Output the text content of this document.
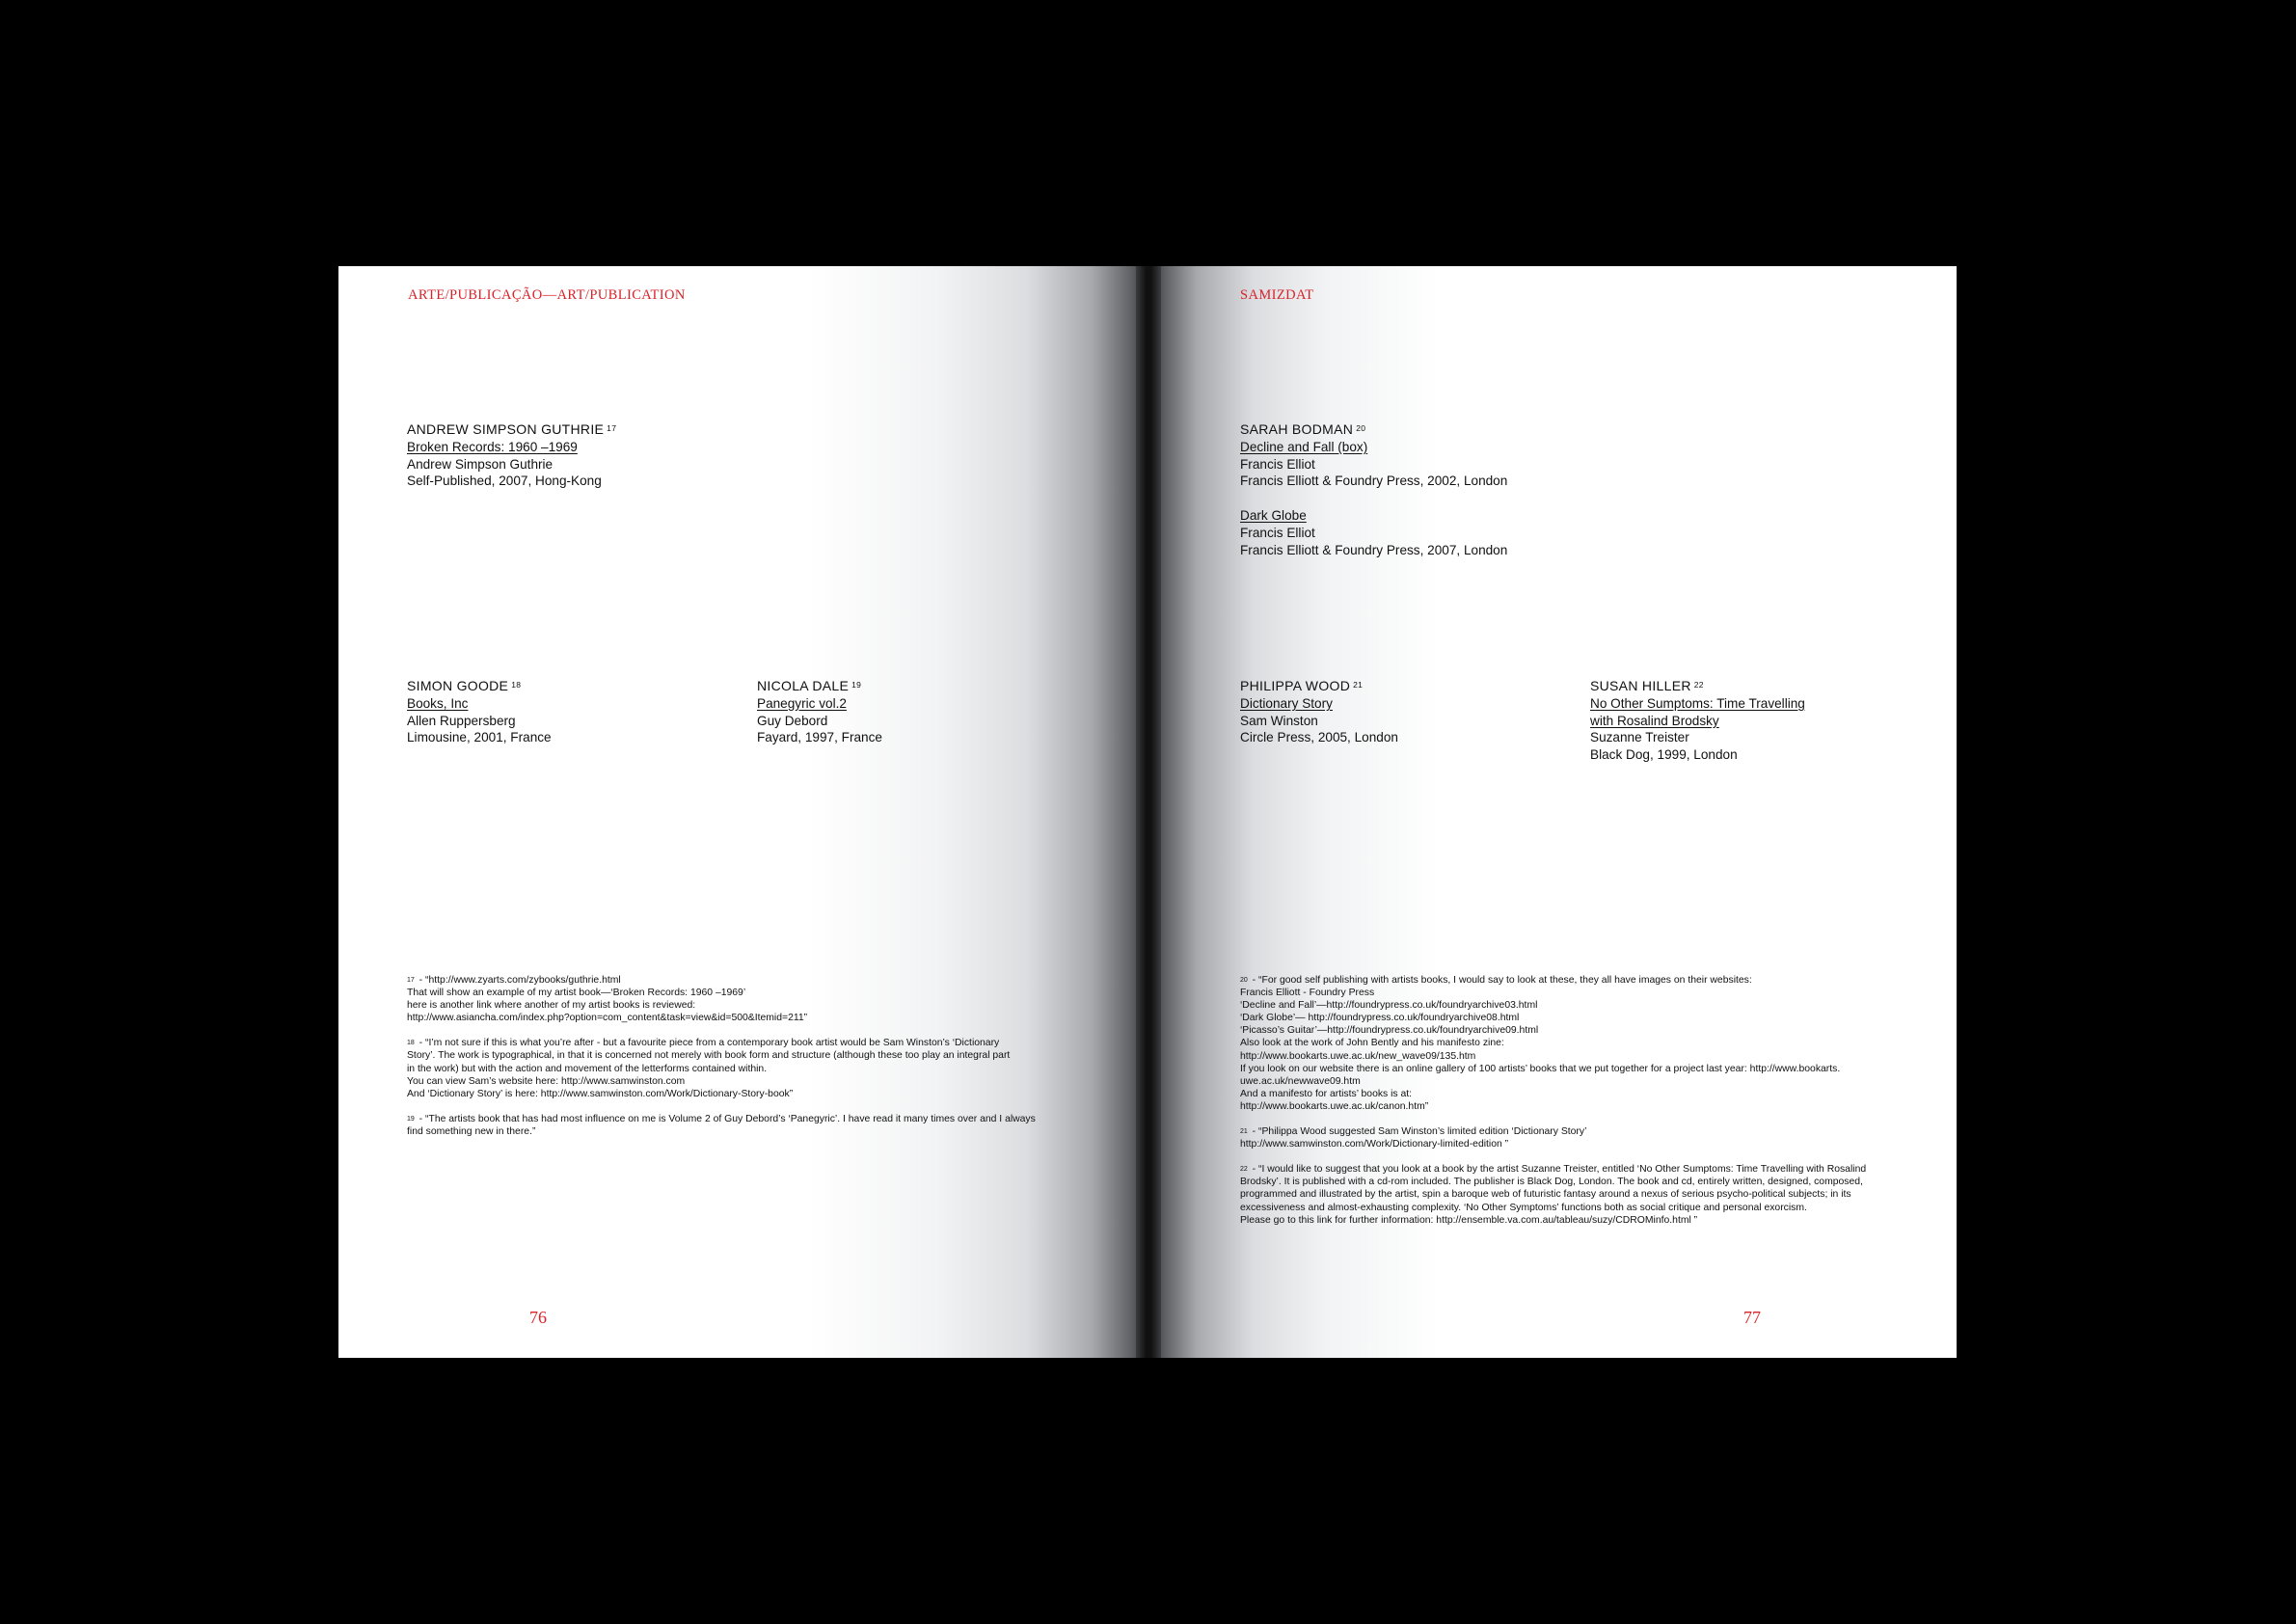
ARTE/PUBLICAÇÃO—ART/PUBLICATION
ANDREW SIMPSON GUTHRIE $^{17}$
Broken Records: 1960 –1969
Andrew Simpson Guthrie
Self-Published, 2007, Hong-Kong
SIMON GOODE $^{18}$
Books, Inc
Allen Ruppersberg
Limousine, 2001, France
NICOLA DALE $^{19}$
Panegyric vol.2
Guy Debord
Fayard, 1997, France
$^{17}$ - “http://www.zyarts.com/zybooks/guthrie.html
That will show an example of my artist book—‘Broken Records: 1960 –1969’
here is another link where another of my artist books is reviewed:
http://www.asiancha.com/index.php?option=com_content&task=view&id=500&Itemid=211”
$^{18}$ - “I’m not sure if this is what you’re after - but a favourite piece from a contemporary book artist would be Sam Winston’s ‘Dictionary
Story’. The work is typographical, in that it is concerned not merely with book form and structure (although these too play an integral part
in the work) but with the action and movement of the letterforms contained within.
You can view Sam’s website here: http://www.samwinston.com
And ‘Dictionary Story’ is here: http://www.samwinston.com/Work/Dictionary-Story-book”
$^{19}$ - “The artists book that has had most influence on me is Volume 2 of Guy Debord’s ‘Panegyric’. I have read it many times over and I always
find something new in there.”
76
SAMIZDAT
SARAH BODMAN $^{20}$
Decline and Fall (box)
Francis Elliot
Francis Elliott & Foundry Press, 2002, London
Dark Globe
Francis Elliot
Francis Elliott & Foundry Press, 2007, London
PHILIPPA WOOD $^{21}$
Dictionary Story
Sam Winston
Circle Press, 2005, London
SUSAN HILLER $^{22}$
No Other Sumptoms: Time Travelling
with Rosalind Brodsky
Suzanne Treister
Black Dog, 1999, London
$^{20}$ - “For good self publishing with artists books, I would say to look at these, they all have images on their websites:
Francis Elliott - Foundry Press
‘Decline and Fall’—http://foundrypress.co.uk/foundryarchive03.html
‘Dark Globe’— http://foundrypress.co.uk/foundryarchive08.html
‘Picasso’s Guitar’—http://foundrypress.co.uk/foundryarchive09.html
Also look at the work of John Bently and his manifesto zine:
http://www.bookarts.uwe.ac.uk/new_wave09/135.htm
If you look on our website there is an online gallery of 100 artists’ books that we put together for a project last year: http://www.bookarts.
uwe.ac.uk/newwave09.htm
And a manifesto for artists’ books is at:
http://www.bookarts.uwe.ac.uk/canon.htm”
$^{21}$ - “Philippa Wood suggested Sam Winston’s limited edition ‘Dictionary Story’
http://www.samwinston.com/Work/Dictionary-limited-edition ”
$^{22}$ - “I would like to suggest that you look at a book by the artist Suzanne Treister, entitled ‘No Other Sumptoms: Time Travelling with Rosalind
Brodsky’. It is published with a cd-rom included. The publisher is Black Dog, London. The book and cd, entirely written, designed, composed,
programmed and illustrated by the artist, spin a baroque web of futuristic fantasy around a nexus of serious psycho-political subjects; in its
excessiveness and almost-exhausting complexity. ‘No Other Symptoms’ functions both as social critique and personal exorcism.
Please go to this link for further information: http://ensemble.va.com.au/tableau/suzy/CDROMinfo.html ”
77
